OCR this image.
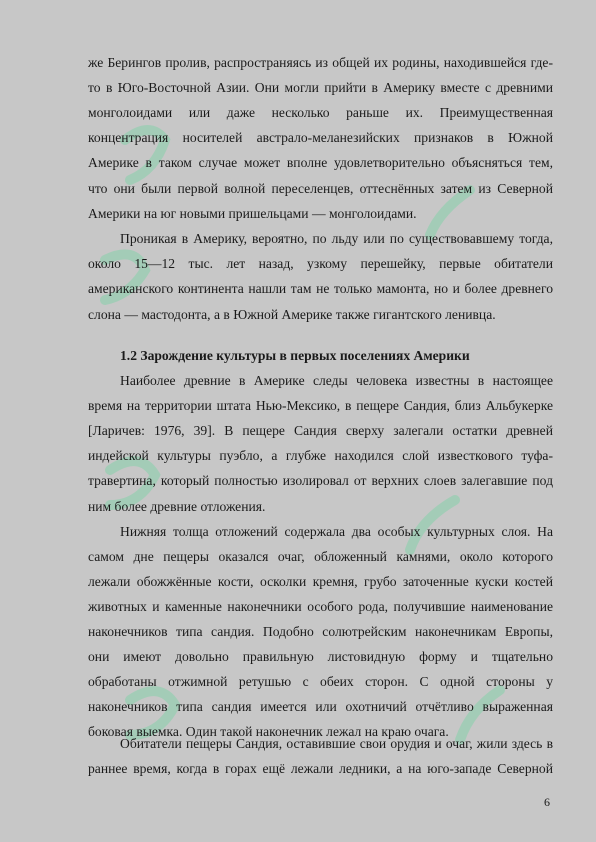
же Берингов пролив, распространяясь из общей их родины, находившейся где-
то в Юго-Восточной Азии. Они могли прийти в Америку вместе с древними
монголоидами или даже несколько раньше их. Преимущественная
концентрация носителей австрало-меланезийских признаков в Южной
Америке в таком случае может вполне удовлетворительно объясняться тем,
что они были первой волной переселенцев, оттеснённых затем из Северной
Америки на юг новыми пришельцами — монголоидами.
Проникая в Америку, вероятно, по льду или по существовавшему тогда,
около 15—12 тыс. лет назад, узкому перешейку, первые обитатели
американского континента нашли там не только мамонта, но и более древнего
слона — мастодонта, а в Южной Америке также гигантского ленивца.
1.2 Зарождение культуры в первых поселениях Америки
Наиболее древние в Америке следы человека известны в настоящее
время на территории штата Нью-Мексико, в пещере Сандия, близ Альбукерке
[Ларичев: 1976, 39]. В пещере Сандия сверху залегали остатки древней
индейской культуры пуэбло, а глубже находился слой известкового туфа-
травертина, который полностью изолировал от верхних слоев залегавшие под
ним более древние отложения.
Нижняя толща отложений содержала два особых культурных слоя. На
самом дне пещеры оказался очаг, обложенный камнями, около которого
лежали обожжённые кости, осколки кремня, грубо заточенные куски костей
животных и каменные наконечники особого рода, получившие наименование
наконечников типа сандия. Подобно солютрейским наконечникам Европы,
они имеют довольно правильную листовидную форму и тщательно
обработаны отжимной ретушью с обеих сторон. С одной стороны у
наконечников типа сандия имеется или охотничий отчётливо выраженная
боковая выемка. Один такой наконечник лежал на краю очага.
Обитатели пещеры Сандия, оставившие свои орудия и очаг, жили здесь в
раннее время, когда в горах ещё лежали ледники, а на юго-западе Северной
6
